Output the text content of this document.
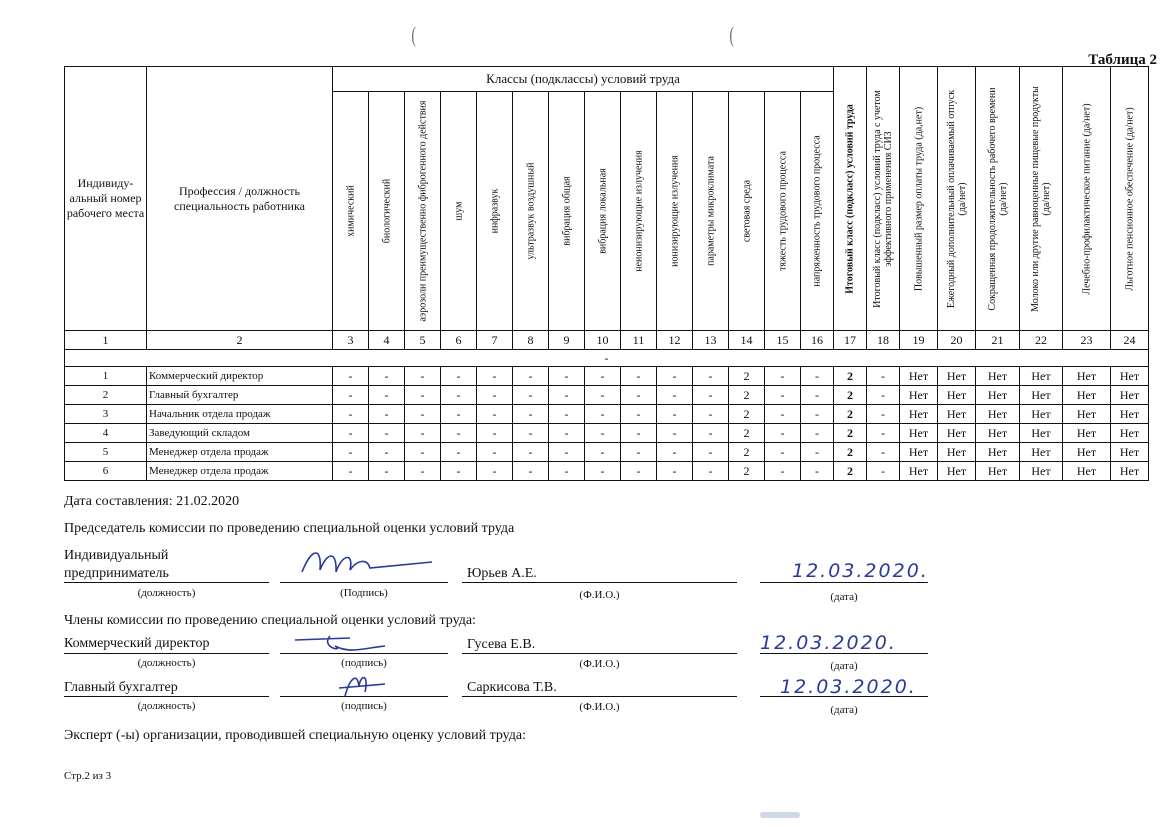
(	(
Таблица 2
Индивиду-альный номер рабочего места	Профессия / должность специальность работника	Классы (подклассы) условий труда														Итоговый класс (подкласс) условий труда	Итоговый класс (подкласс) условий труда с учетом эффективного применения СИЗ	Повышенный размер оплаты труда (да,нет)	Ежегодный дополнительный оплачиваемый отпуск (да/нет)	Сокращенная продолжительность рабочего времени (да/нет)	Молоко или другие равноценные пищевые продукты (да/нет)	Лечебно-профилактическое питание (да/нет)	Льготное пенсионное обеспечение (да/нет)

		химический	биологический	аэрозоли преимущественно фиброгенного действия	шум	инфразвук	ультразвук воздушный	вибрация общая	вибрация локальная	неионизирующие излучения	ионизирующие излучения	параметры микроклимата	световая среда	тяжесть трудового процесса	напряженность трудового процесса								

1	2	3	4	5	6	7	8	9	10	11	12	13	14	15	16	17	18	19	20	21	22	23	24
-																							
1	Коммерческий директор	-	-	-	-	-	-	-	-	-	-	-	2	-	-	2	-	Нет	Нет	Нет	Нет	Нет	Нет
2	Главный бухгалтер	-	-	-	-	-	-	-	-	-	-	-	2	-	-	2	-	Нет	Нет	Нет	Нет	Нет	Нет
3	Начальник отдела продаж	-	-	-	-	-	-	-	-	-	-	-	2	-	-	2	-	Нет	Нет	Нет	Нет	Нет	Нет
4	Заведующий складом	-	-	-	-	-	-	-	-	-	-	-	2	-	-	2	-	Нет	Нет	Нет	Нет	Нет	Нет
5	Менеджер отдела продаж	-	-	-	-	-	-	-	-	-	-	-	2	-	-	2	-	Нет	Нет	Нет	Нет	Нет	Нет
6	Менеджер отдела продаж	-	-	-	-	-	-	-	-	-	-	-	2	-	-	2	-	Нет	Нет	Нет	Нет	Нет	Нет
Дата составления: 21.02.2020
Председатель комиссии по проведению специальной оценки условий труда
Индивидуальный
предприниматель	Юрьев А.Е.	12.03.2020.
(должность)	(Подпись)	(Ф.И.О.)	(дата)
Члены комиссии по проведению специальной оценки условий труда:
Коммерческий директор	Гусева Е.В.	12.03.2020.
(должность)	(подпись)	(Ф.И.О.)	(дата)
Главный бухгалтер	Саркисова Т.В.	12.03.2020.
(должность)	(подпись)	(Ф.И.О.)	(дата)
Эксперт (-ы) организации, проводившей специальную оценку условий труда:
Стр.2 из 3
